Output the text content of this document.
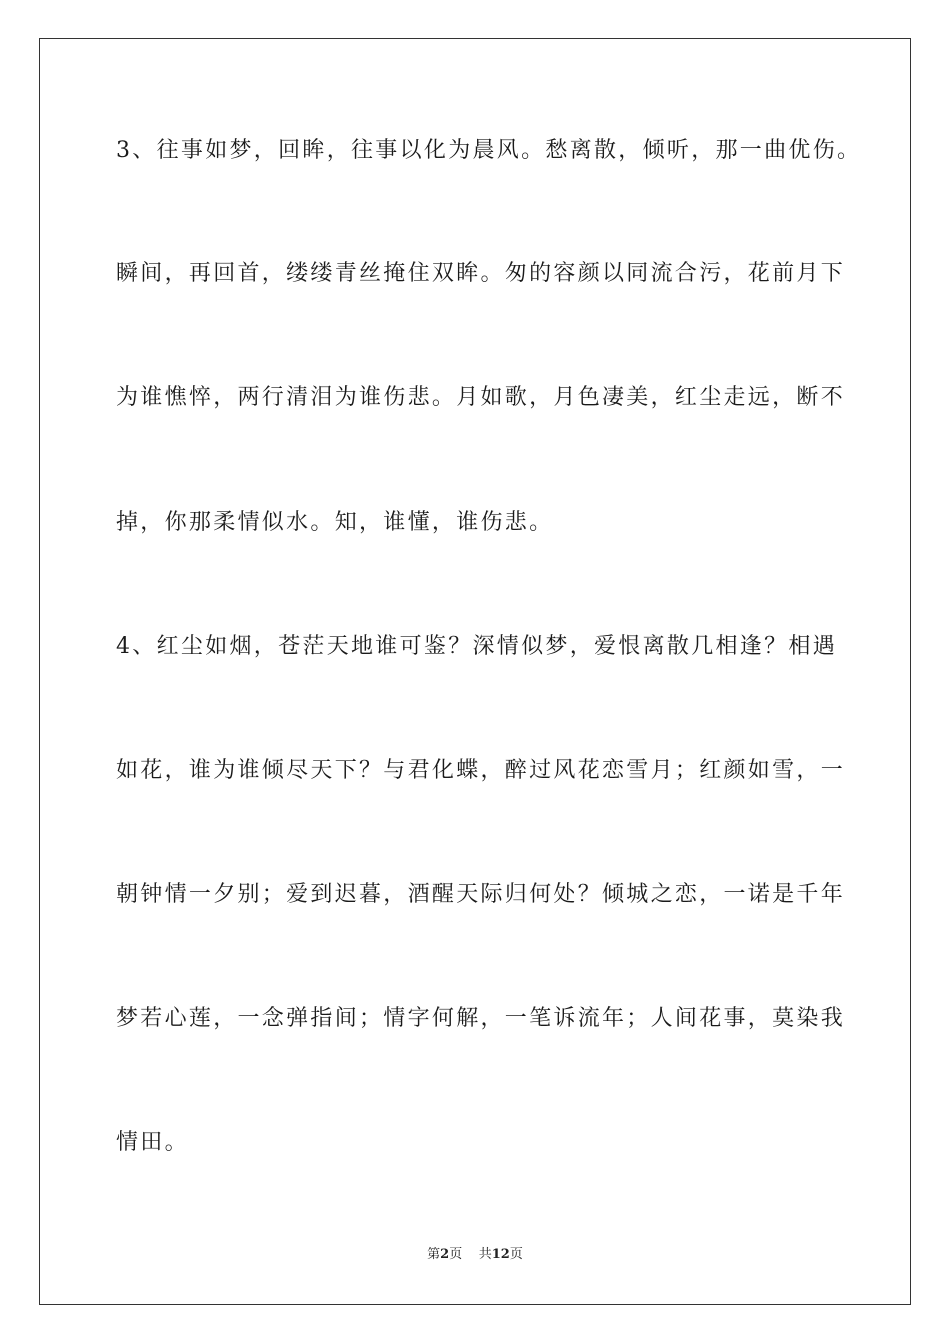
3、往事如梦，回眸，往事以化为晨风。愁离散，倾听，那一曲优伤。
瞬间，再回首，缕缕青丝掩住双眸。匆的容颜以同流合污，花前月下
为谁憔悴，两行清泪为谁伤悲。月如歌，月色凄美，红尘走远，断不
掉，你那柔情似水。知，谁懂，谁伤悲。
4、红尘如烟，苍茫天地谁可鉴？深情似梦，爱恨离散几相逢？相遇
如花，谁为谁倾尽天下？与君化蝶，醉过风花恋雪月；红颜如雪，一
朝钟情一夕别；爱到迟暮，酒醒天际归何处？倾城之恋，一诺是千年
梦若心莲，一念弹指间；情字何解，一笔诉流年；人间花事，莫染我
情田。
第2页 共12页
